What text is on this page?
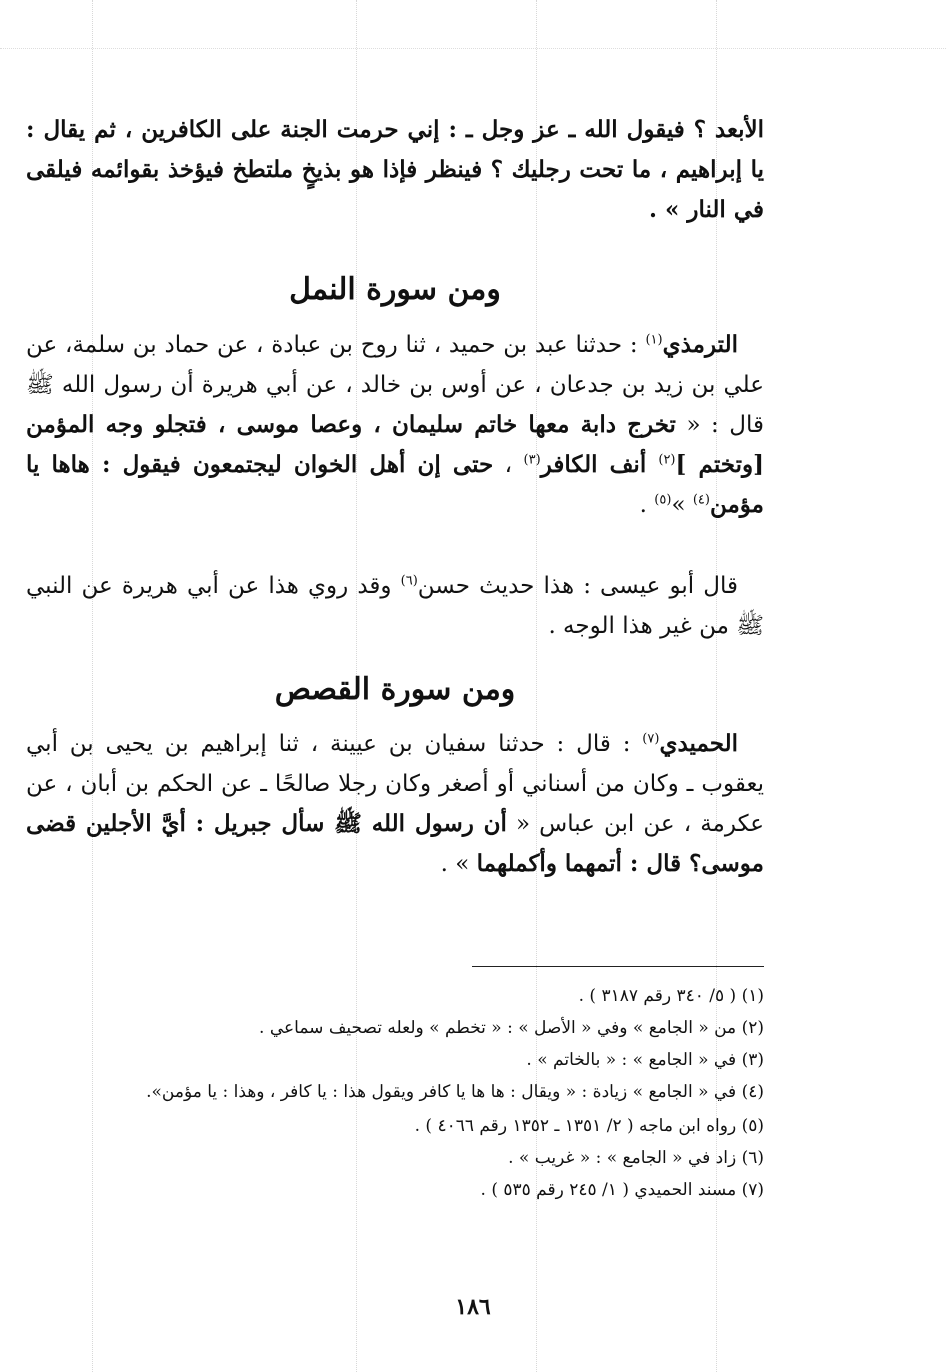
الأبعد ؟ فيقول الله ـ عز وجل ـ : إني حرمت الجنة على الكافرين ، ثم يقال : يا إبراهيم ، ما تحت رجليك ؟ فينظر فإذا هو بذيخٍ ملتطخ فيؤخذ بقوائمه فيلقى في النار » .

ومن سورة النمل

الترمذي$^{(١)}$ : حدثنا عبد بن حميد ، ثنا روح بن عبادة ، عن حماد بن سلمة، عن علي بن زيد بن جدعان ، عن أوس بن خالد ، عن أبي هريرة أن رسول الله ﷺ قال : « تخرج دابة معها خاتم سليمان ، وعصا موسى ، فتجلو وجه المؤمن [وتختم ]$^{(٢)}$ أنف الكافر$^{(٣)}$ ، حتى إن أهل الخوان ليجتمعون فيقول : هاها يا مؤمن$^{(٤)}$ »$^{(٥)}$ .

قال أبو عيسى : هذا حديث حسن$^{(٦)}$ وقد روي هذا عن أبي هريرة عن النبي ﷺ من غير هذا الوجه .

ومن سورة القصص

الحميدي$^{(٧)}$ : قال : حدثنا سفيان بن عيينة ، ثنا إبراهيم بن يحيى بن أبي يعقوب ـ وكان من أسناني أو أصغر وكان رجلا صالحًا ـ عن الحكم بن أبان ، عن عكرمة ، عن ابن عباس « أن رسول الله ﷺ سأل جبريل : أيَّ الأجلين قضى موسى؟ قال : أتمهما وأكملهما » .

(١) ( ٥/ ٣٤٠ رقم ٣١٨٧ ) .

(٢) من « الجامع » وفي « الأصل » : « تخطم » ولعله تصحيف سماعي .

(٣) في « الجامع » : « بالخاتم » .

(٤) في « الجامع » زيادة : « ويقال : ها ها يا كافر ويقول هذا : يا كافر ، وهذا : يا مؤمن».

(٥) رواه ابن ماجه ( ٢/ ١٣٥١ ـ ١٣٥٢ رقم ٤٠٦٦ ) .

(٦) زاد في « الجامع » : « غريب » .

(٧) مسند الحميدي ( ١/ ٢٤٥ رقم ٥٣٥ ) .

١٨٦
